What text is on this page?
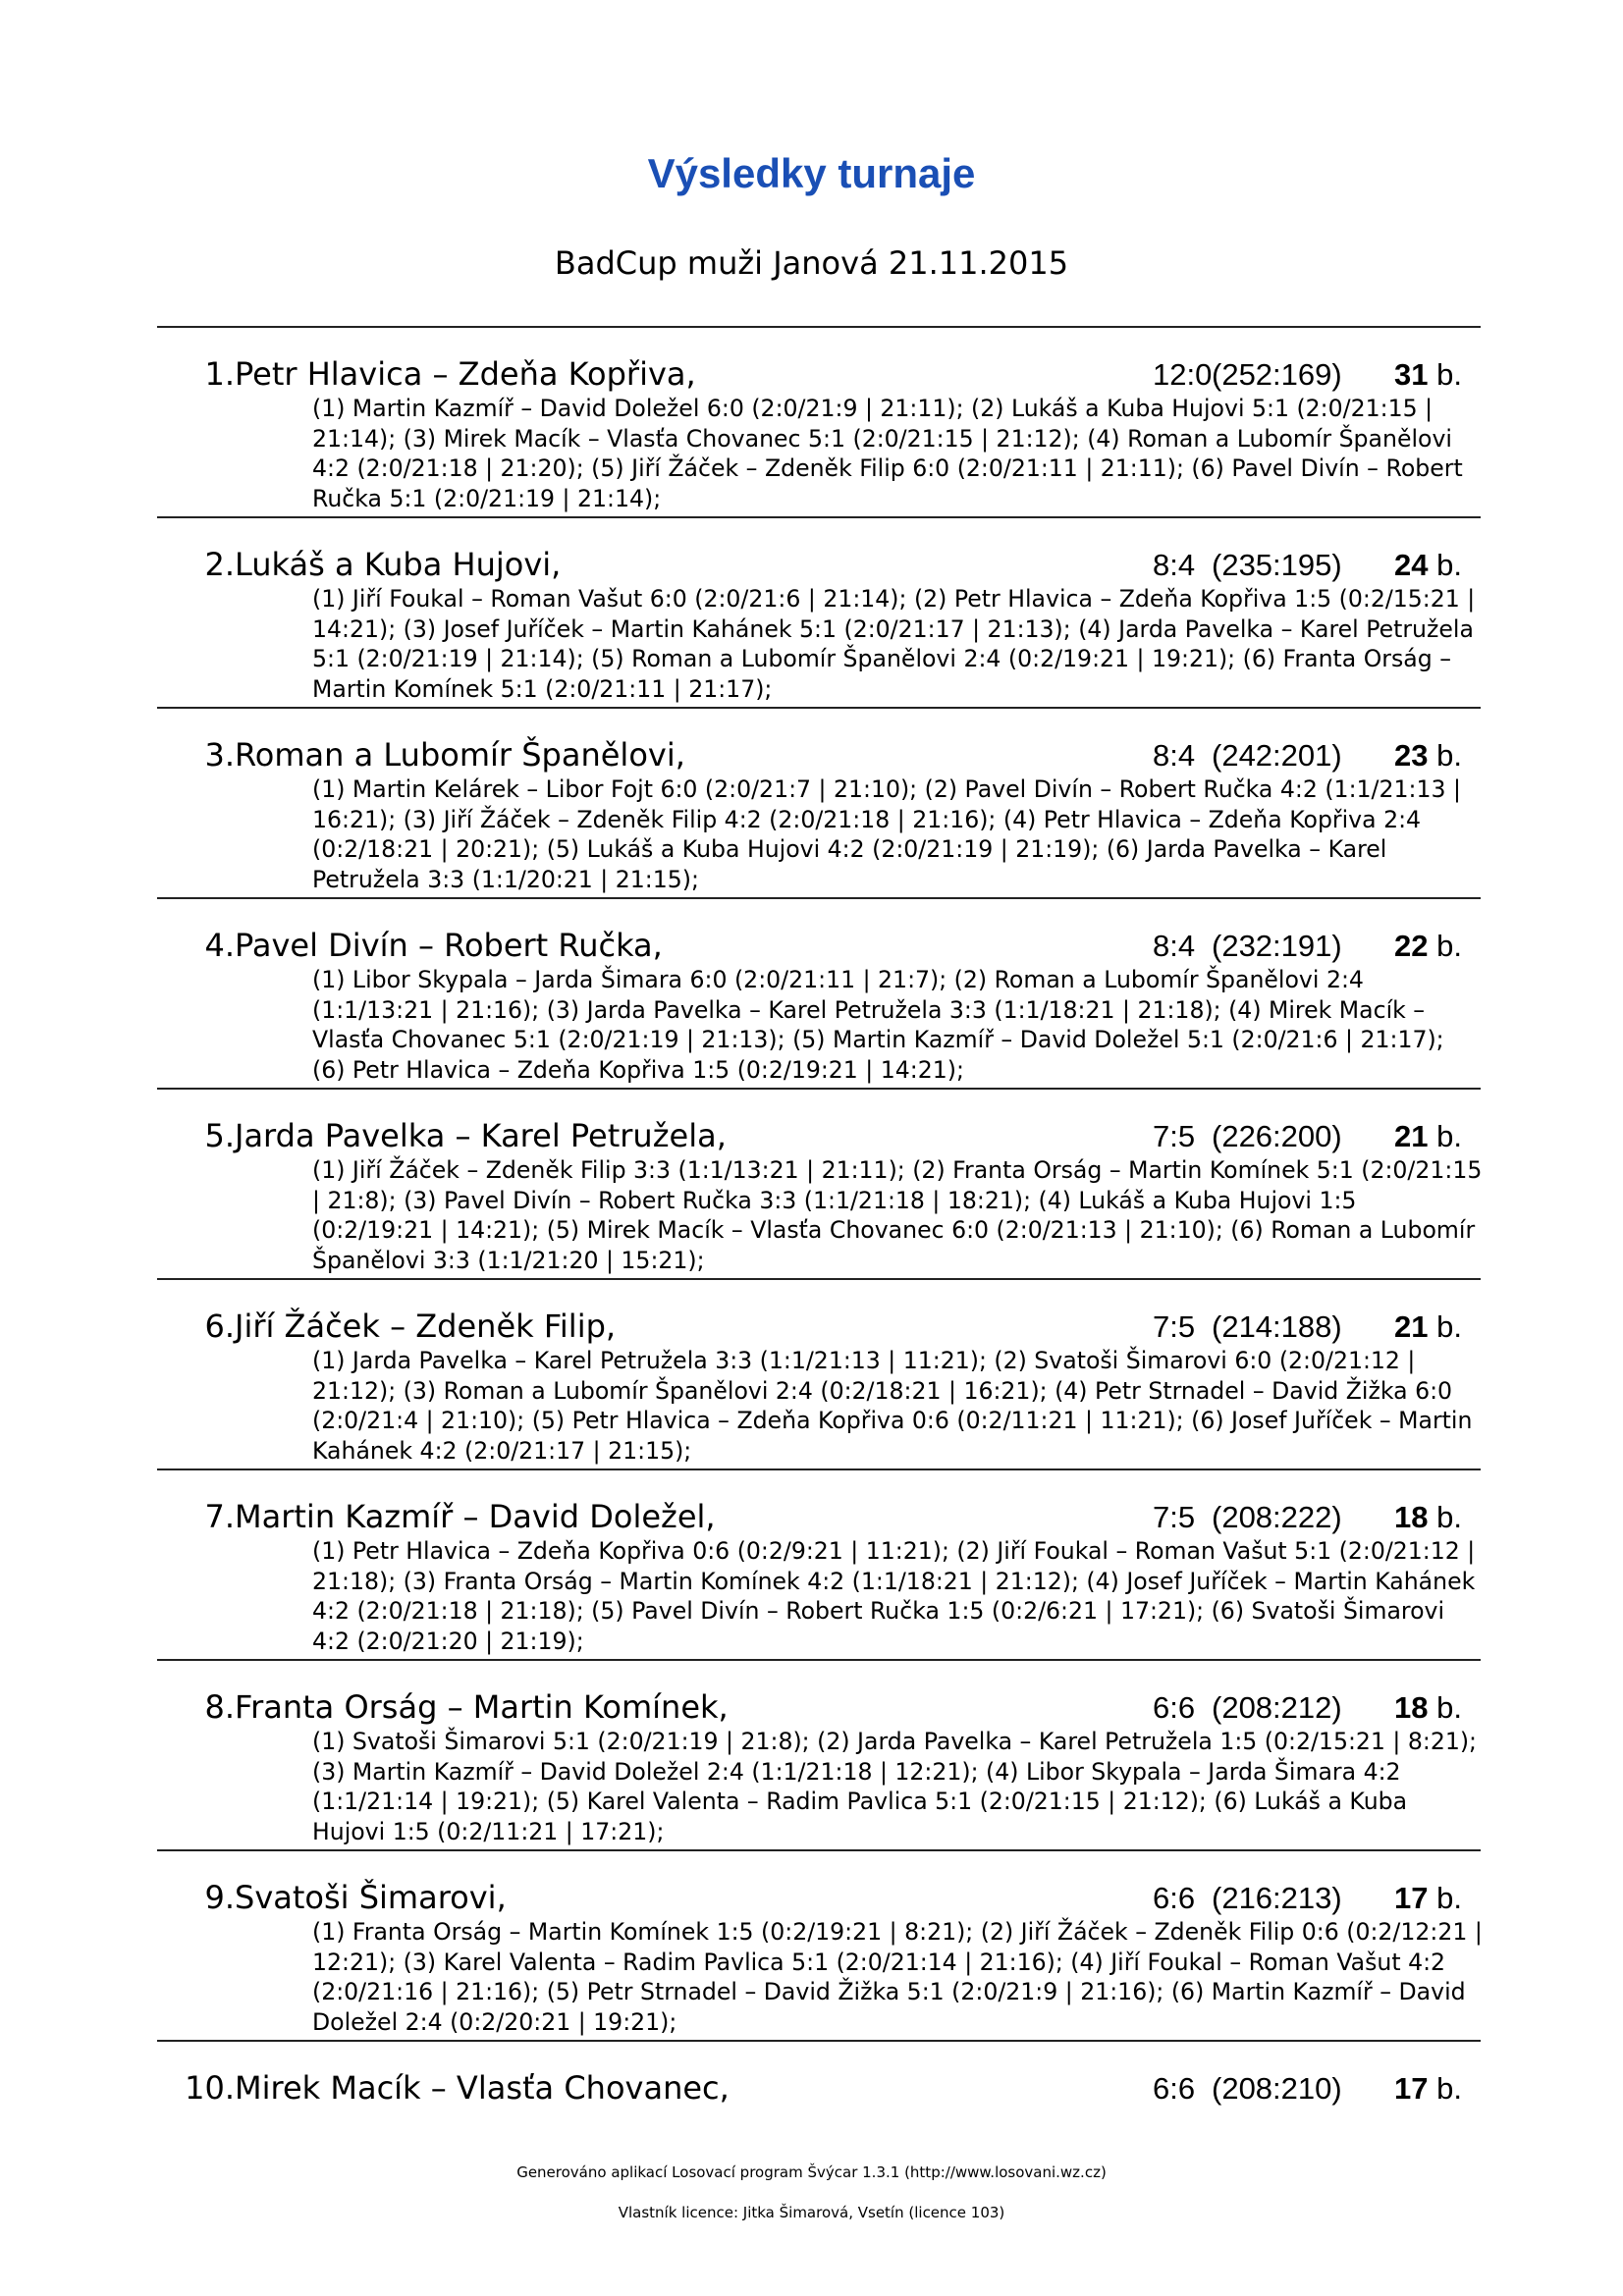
Výsledky turnaje
BadCup muži Janová 21.11.2015
1.Petr Hlavica – Zdeňa Kopřiva,	12:0(252:169) 31 b.
(1) Martin Kazmíř – David Doležel 6:0 (2:0/21:9 | 21:11); (2) Lukáš a Kuba Hujovi 5:1 (2:0/21:15 | 21:14); (3) Mirek Macík – Vlasťa Chovanec 5:1 (2:0/21:15 | 21:12); (4) Roman a Lubomír Španělovi 4:2 (2:0/21:18 | 21:20); (5) Jiří Žáček – Zdeněk Filip 6:0 (2:0/21:11 | 21:11); (6) Pavel Divín – Robert Ručka 5:1 (2:0/21:19 | 21:14);
2.Lukáš a Kuba Hujovi,	8:4 (235:195) 24 b.
(1) Jiří Foukal – Roman Vašut 6:0 (2:0/21:6 | 21:14); (2) Petr Hlavica – Zdeňa Kopřiva 1:5 (0:2/15:21 | 14:21); (3) Josef Juříček – Martin Kahánek 5:1 (2:0/21:17 | 21:13); (4) Jarda Pavelka – Karel Petružela 5:1 (2:0/21:19 | 21:14); (5) Roman a Lubomír Španělovi 2:4 (0:2/19:21 | 19:21); (6) Franta Orság – Martin Komínek 5:1 (2:0/21:11 | 21:17);
3.Roman a Lubomír Španělovi,	8:4 (242:201) 23 b.
(1) Martin Kelárek – Libor Fojt 6:0 (2:0/21:7 | 21:10); (2) Pavel Divín – Robert Ručka 4:2 (1:1/21:13 | 16:21); (3) Jiří Žáček – Zdeněk Filip 4:2 (2:0/21:18 | 21:16); (4) Petr Hlavica – Zdeňa Kopřiva 2:4 (0:2/18:21 | 20:21); (5) Lukáš a Kuba Hujovi 4:2 (2:0/21:19 | 21:19); (6) Jarda Pavelka – Karel Petružela 3:3 (1:1/20:21 | 21:15);
4.Pavel Divín – Robert Ručka,	8:4 (232:191) 22 b.
(1) Libor Skypala – Jarda Šimara 6:0 (2:0/21:11 | 21:7); (2) Roman a Lubomír Španělovi 2:4 (1:1/13:21 | 21:16); (3) Jarda Pavelka – Karel Petružela 3:3 (1:1/18:21 | 21:18); (4) Mirek Macík – Vlasťa Chovanec 5:1 (2:0/21:19 | 21:13); (5) Martin Kazmíř – David Doležel 5:1 (2:0/21:6 | 21:17); (6) Petr Hlavica – Zdeňa Kopřiva 1:5 (0:2/19:21 | 14:21);
5.Jarda Pavelka – Karel Petružela,	7:5 (226:200) 21 b.
(1) Jiří Žáček – Zdeněk Filip 3:3 (1:1/13:21 | 21:11); (2) Franta Orság – Martin Komínek 5:1 (2:0/21:15 | 21:8); (3) Pavel Divín – Robert Ručka 3:3 (1:1/21:18 | 18:21); (4) Lukáš a Kuba Hujovi 1:5 (0:2/19:21 | 14:21); (5) Mirek Macík – Vlasťa Chovanec 6:0 (2:0/21:13 | 21:10); (6) Roman a Lubomír Španělovi 3:3 (1:1/21:20 | 15:21);
6.Jiří Žáček – Zdeněk Filip,	7:5 (214:188) 21 b.
(1) Jarda Pavelka – Karel Petružela 3:3 (1:1/21:13 | 11:21); (2) Svatoši Šimarovi 6:0 (2:0/21:12 | 21:12); (3) Roman a Lubomír Španělovi 2:4 (0:2/18:21 | 16:21); (4) Petr Strnadel – David Žižka 6:0 (2:0/21:4 | 21:10); (5) Petr Hlavica – Zdeňa Kopřiva 0:6 (0:2/11:21 | 11:21); (6) Josef Juříček – Martin Kahánek 4:2 (2:0/21:17 | 21:15);
7.Martin Kazmíř – David Doležel,	7:5 (208:222) 18 b.
(1) Petr Hlavica – Zdeňa Kopřiva 0:6 (0:2/9:21 | 11:21); (2) Jiří Foukal – Roman Vašut 5:1 (2:0/21:12 | 21:18); (3) Franta Orság – Martin Komínek 4:2 (1:1/18:21 | 21:12); (4) Josef Juříček – Martin Kahánek 4:2 (2:0/21:18 | 21:18); (5) Pavel Divín – Robert Ručka 1:5 (0:2/6:21 | 17:21); (6) Svatoši Šimarovi 4:2 (2:0/21:20 | 21:19);
8.Franta Orság – Martin Komínek,	6:6 (208:212) 18 b.
(1) Svatoši Šimarovi 5:1 (2:0/21:19 | 21:8); (2) Jarda Pavelka – Karel Petružela 1:5 (0:2/15:21 | 8:21); (3) Martin Kazmíř – David Doležel 2:4 (1:1/21:18 | 12:21); (4) Libor Skypala – Jarda Šimara 4:2 (1:1/21:14 | 19:21); (5) Karel Valenta – Radim Pavlica 5:1 (2:0/21:15 | 21:12); (6) Lukáš a Kuba Hujovi 1:5 (0:2/11:21 | 17:21);
9.Svatoši Šimarovi,	6:6 (216:213) 17 b.
(1) Franta Orság – Martin Komínek 1:5 (0:2/19:21 | 8:21); (2) Jiří Žáček – Zdeněk Filip 0:6 (0:2/12:21 | 12:21); (3) Karel Valenta – Radim Pavlica 5:1 (2:0/21:14 | 21:16); (4) Jiří Foukal – Roman Vašut 4:2 (2:0/21:16 | 21:16); (5) Petr Strnadel – David Žižka 5:1 (2:0/21:9 | 21:16); (6) Martin Kazmíř – David Doležel 2:4 (0:2/20:21 | 19:21);
10.Mirek Macík – Vlasťa Chovanec,	6:6 (208:210) 17 b.
Generováno aplikací Losovací program Švýcar 1.3.1 (http://www.losovani.wz.cz)
Vlastník licence: Jitka Šimarová, Vsetín (licence 103)
